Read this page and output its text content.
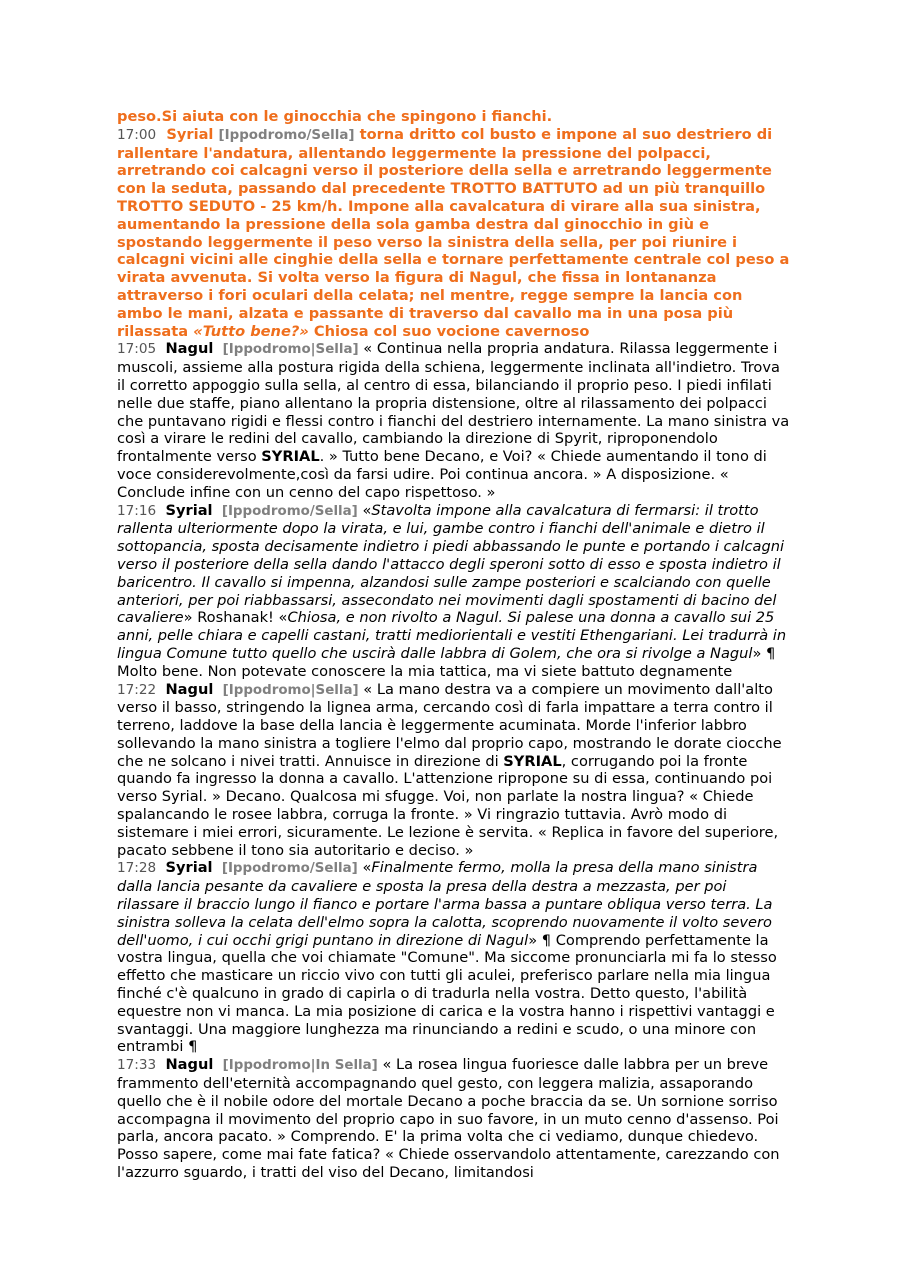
peso.Si aiuta con le ginocchia che spingono i fianchi.

17:00 Syrial [Ippodromo/Sella] torna dritto col busto e impone al suo destriero di rallentare l'andatura, allentando leggermente la pressione del polpacci, arretrando coi calcagni verso il posteriore della sella e arretrando leggermente con la seduta, passando dal precedente TROTTO BATTUTO ad un più tranquillo TROTTO SEDUTO - 25 km/h. Impone alla cavalcatura di virare alla sua sinistra, aumentando la pressione della sola gamba destra dal ginocchio in giù e spostando leggermente il peso verso la sinistra della sella, per poi riunire i calcagni vicini alle cinghie della sella e tornare perfettamente centrale col peso a virata avvenuta. Si volta verso la figura di Nagul, che fissa in lontananza attraverso i fori oculari della celata; nel mentre, regge sempre la lancia con ambo le mani, alzata e passante di traverso dal cavallo ma in una posa più rilassata «Tutto bene?» Chiosa col suo vocione cavernoso

17:05 Nagul [Ippodromo|Sella] « Continua nella propria andatura. Rilassa leggermente i muscoli, assieme alla postura rigida della schiena, leggermente inclinata all'indietro. Trova il corretto appoggio sulla sella, al centro di essa, bilanciando il proprio peso. I piedi infilati nelle due staffe, piano allentano la propria distensione, oltre al rilassamento dei polpacci che puntavano rigidi e flessi contro i fianchi del destriero internamente. La mano sinistra va così a virare le redini del cavallo, cambiando la direzione di Spyrit, riproponendolo frontalmente verso SYRIAL. » Tutto bene Decano, e Voi? « Chiede aumentando il tono di voce considerevolmente,così da farsi udire. Poi continua ancora. » A disposizione. « Conclude infine con un cenno del capo rispettoso. »

17:16 Syrial [Ippodromo/Sella] «Stavolta impone alla cavalcatura di fermarsi: il trotto rallenta ulteriormente dopo la virata, e lui, gambe contro i fianchi dell'animale e dietro il sottopancia, sposta decisamente indietro i piedi abbassando le punte e portando i calcagni verso il posteriore della sella dando l'attacco degli speroni sotto di esso e sposta indietro il baricentro. Il cavallo si impenna, alzandosi sulle zampe posteriori e scalciando con quelle anteriori, per poi riabbassarsi, assecondato nei movimenti dagli spostamenti di bacino del cavaliere» Roshanak! «Chiosa, e non rivolto a Nagul. Si palese una donna a cavallo sui 25 anni, pelle chiara e capelli castani, tratti mediorientali e vestiti Ethengariani. Lei tradurrà in lingua Comune tutto quello che uscirà dalle labbra di Golem, che ora si rivolge a Nagul» ¶ Molto bene. Non potevate conoscere la mia tattica, ma vi siete battuto degnamente

17:22 Nagul [Ippodromo|Sella] « La mano destra va a compiere un movimento dall'alto verso il basso, stringendo la lignea arma, cercando così di farla impattare a terra contro il terreno, laddove la base della lancia è leggermente acuminata. Morde l'inferior labbro sollevando la mano sinistra a togliere l'elmo dal proprio capo, mostrando le dorate ciocche che ne solcano i nivei tratti. Annuisce in direzione di SYRIAL, corrugando poi la fronte quando fa ingresso la donna a cavallo. L'attenzione ripropone su di essa, continuando poi verso Syrial. » Decano. Qualcosa mi sfugge. Voi, non parlate la nostra lingua? « Chiede spalancando le rosee labbra, corruga la fronte. » Vi ringrazio tuttavia. Avrò modo di sistemare i miei errori, sicuramente. Le lezione è servita. « Replica in favore del superiore, pacato sebbene il tono sia autoritario e deciso. »

17:28 Syrial [Ippodromo/Sella] «Finalmente fermo, molla la presa della mano sinistra dalla lancia pesante da cavaliere e sposta la presa della destra a mezzasta, per poi rilassare il braccio lungo il fianco e portare l'arma bassa a puntare obliqua verso terra. La sinistra solleva la celata dell'elmo sopra la calotta, scoprendo nuovamente il volto severo dell'uomo, i cui occhi grigi puntano in direzione di Nagul» ¶ Comprendo perfettamente la vostra lingua, quella che voi chiamate "Comune". Ma siccome pronunciarla mi fa lo stesso effetto che masticare un riccio vivo con tutti gli aculei, preferisco parlare nella mia lingua finché c'è qualcuno in grado di capirla o di tradurla nella vostra. Detto questo, l'abilità equestre non vi manca. La mia posizione di carica e la vostra hanno i rispettivi vantaggi e svantaggi. Una maggiore lunghezza ma rinunciando a redini e scudo, o una minore con entrambi ¶

17:33 Nagul [Ippodromo|In Sella] « La rosea lingua fuoriesce dalle labbra per un breve frammento dell'eternità accompagnando quel gesto, con leggera malizia, assaporando quello che è il nobile odore del mortale Decano a poche braccia da se. Un sornione sorriso accompagna il movimento del proprio capo in suo favore, in un muto cenno d'assenso. Poi parla, ancora pacato. » Comprendo. E' la prima volta che ci vediamo, dunque chiedevo. Posso sapere, come mai fate fatica? « Chiede osservandolo attentamente, carezzando con l'azzurro sguardo, i tratti del viso del Decano, limitandosi
